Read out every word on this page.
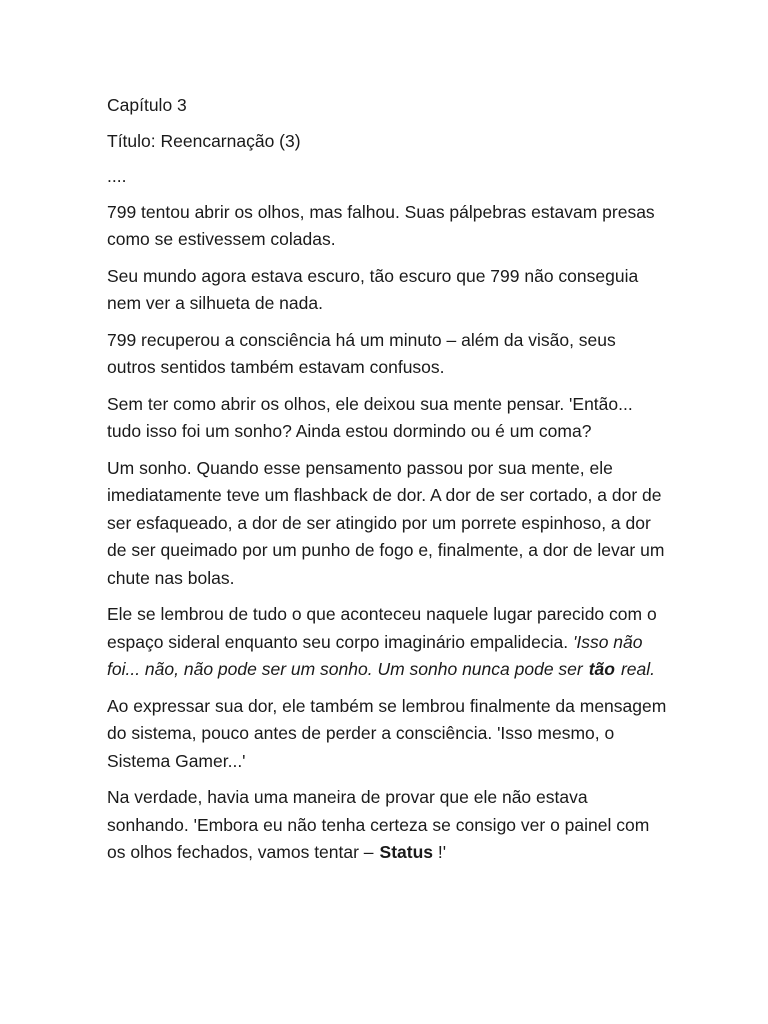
Capítulo 3

Título: Reencarnação (3)

....

799 tentou abrir os olhos, mas falhou. Suas pálpebras estavam presas como se estivessem coladas.

Seu mundo agora estava escuro, tão escuro que 799 não conseguia nem ver a silhueta de nada.

799 recuperou a consciência há um minuto – além da visão, seus outros sentidos também estavam confusos.

Sem ter como abrir os olhos, ele deixou sua mente pensar. 'Então... tudo isso foi um sonho? Ainda estou dormindo ou é um coma?

Um sonho. Quando esse pensamento passou por sua mente, ele imediatamente teve um flashback de dor. A dor de ser cortado, a dor de ser esfaqueado, a dor de ser atingido por um porrete espinhoso, a dor de ser queimado por um punho de fogo e, finalmente, a dor de levar um chute nas bolas.

Ele se lembrou de tudo o que aconteceu naquele lugar parecido com o espaço sideral enquanto seu corpo imaginário empalidecia. 'Isso não foi... não, não pode ser um sonho. Um sonho nunca pode ser tão real.

Ao expressar sua dor, ele também se lembrou finalmente da mensagem do sistema, pouco antes de perder a consciência. 'Isso mesmo, o Sistema Gamer...'

Na verdade, havia uma maneira de provar que ele não estava sonhando. 'Embora eu não tenha certeza se consigo ver o painel com os olhos fechados, vamos tentar – Status !'
